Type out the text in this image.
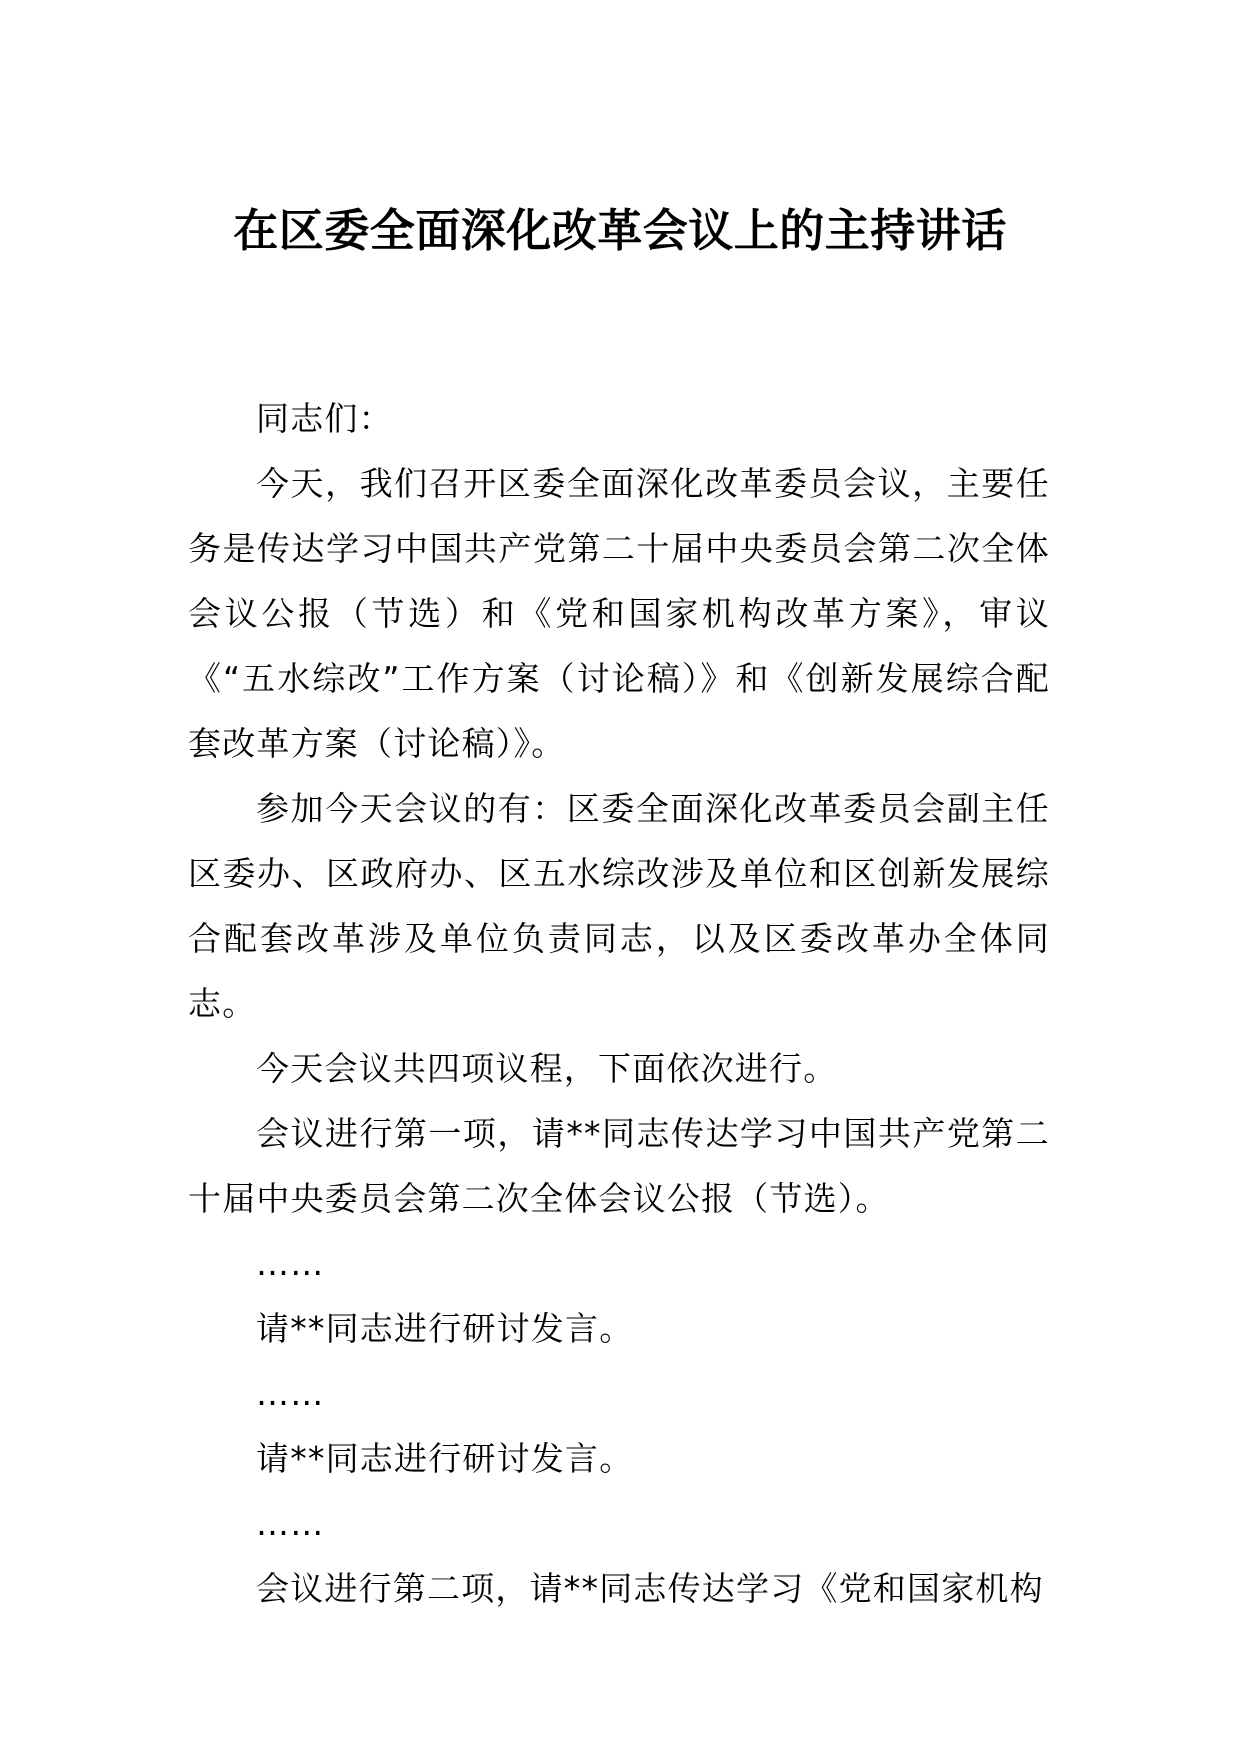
在区委全面深化改革会议上的主持讲话

同志们：

今天，我们召开区委全面深化改革委员会议，主要任务是传达学习中国共产党第二十届中央委员会第二次全体会议公报（节选）和《党和国家机构改革方案》，审议《“五水综改”工作方案（讨论稿）》和《创新发展综合配套改革方案（讨论稿）》。

参加今天会议的有：区委全面深化改革委员会副主任区委办、区政府办、区五水综改涉及单位和区创新发展综合配套改革涉及单位负责同志，以及区委改革办全体同志。

今天会议共四项议程，下面依次进行。

会议进行第一项，请**同志传达学习中国共产党第二十届中央委员会第二次全体会议公报（节选）。

……

请**同志进行研讨发言。

……

请**同志进行研讨发言。

……

会议进行第二项，请**同志传达学习《党和国家机构
